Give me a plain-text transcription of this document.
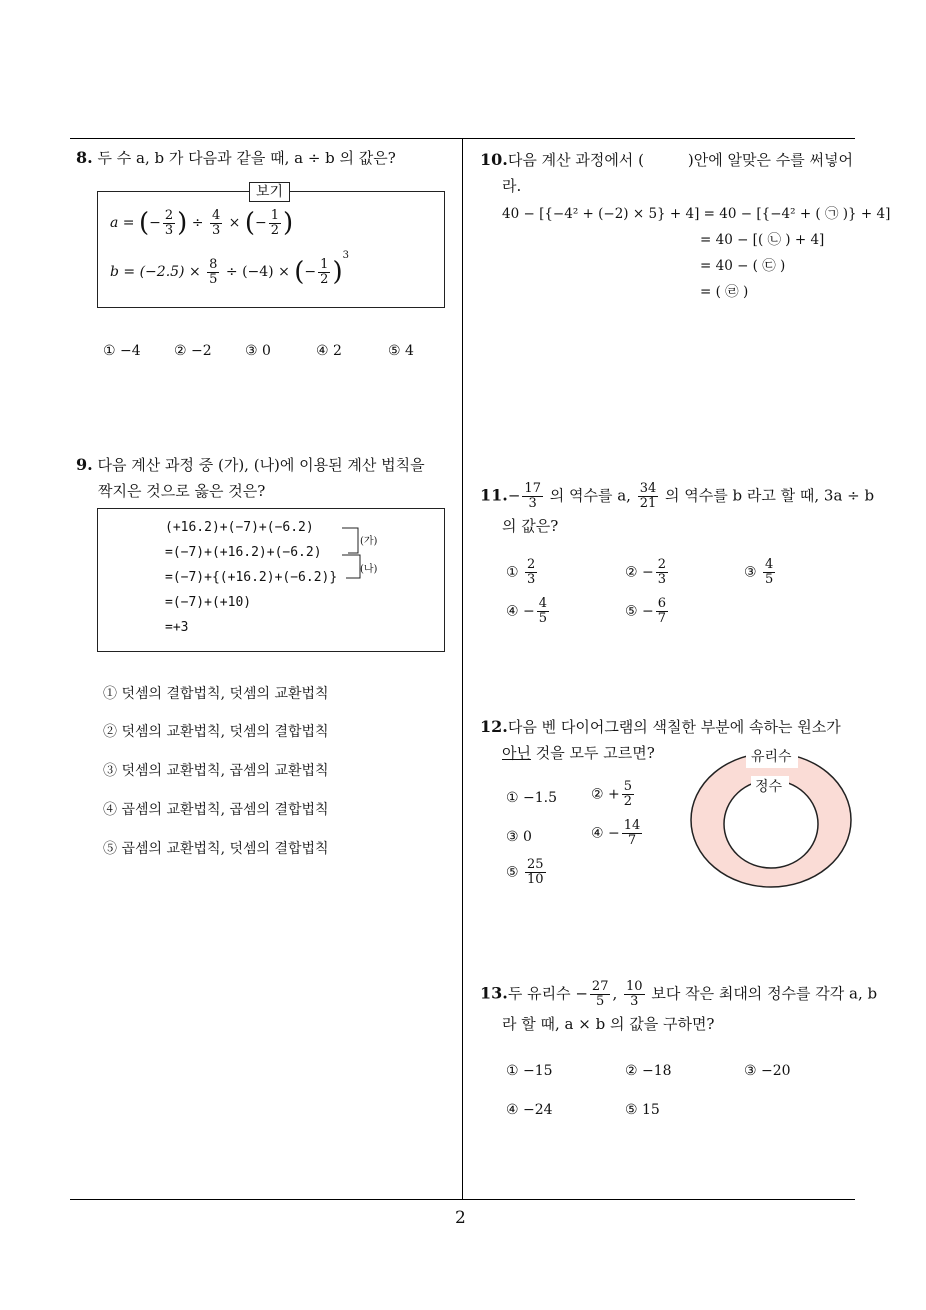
2
8. 두 수 a, b 가 다음과 같을 때, a ÷ b 의 값은?
보기
a = (− $\frac{2}{3}$ ) ÷ $\frac{4}{3}$ × (− $\frac{1}{2}$ )
$b = (-2.5) \times \frac{8}{5} \div (-4)$ × (− $\frac{1}{2} )^3$
① −4 ② −2 ③ 0	④ 2	⑤ 4
9. 다음 계산 과정 중 (가), (나)에 이용된 계산 법칙을
짝지은 것으로 옳은 것은?
(+16.2)+(−7)+(−6.2)
=(−7)+(+16.2)+(−6.2)
=(−7)+{(+16.2)+(−6.2)}
=(−7)+(+10)
=+3
(가)
(나)
① 덧셈의 결합법칙, 덧셈의 교환법칙
② 덧셈의 교환법칙, 덧셈의 결합법칙
③ 덧셈의 교환법칙, 곱셈의 교환법칙
④ 곱셈의 교환법칙, 곱셈의 결합법칙
⑤ 곱셈의 교환법칙, 덧셈의 결합법칙
10.다음 계산 과정에서 (	)안에 알맞은 수를 써넣어
라.
40 − [{−4² + (−2) × 5} + 4] = 40 − [{−4² + ( ㉠ )} + 4]
= 40 − [( ㉡ ) + 4]
= 40 − ( ㉢ )
= ( ㉣ )
$11.- \frac{17}{3}$ 의 역수를 a, $\frac{34}{21}$ 의 역수를 b 라고 할 때, 3a ÷ b
의 값은?
① $\frac{2}{3}$	② − $\frac{2}{3}$	③ $\frac{4}{5}$
④ − $\frac{4}{5}$	⑤ − $\frac{6}{7}$
12.다음 벤 다이어그램의 색칠한 부분에 속하는 원소가
아닌 것을 모두 고르면?	유리수
정수
① −1.5 ② + $\frac{5}{2}$
③ 0	④ − $\frac{14}{7}$
⑤ $\frac{25}{10}$
13.두 유리수 − $\frac{27}{5}$ , $\frac{10}{3}$ 보다 작은 최대의 정수를 각각 a, b
라 할 때, a × b 의 값을 구하면?
① −15	② −18	③ −20
④ −24	⑤ 15
